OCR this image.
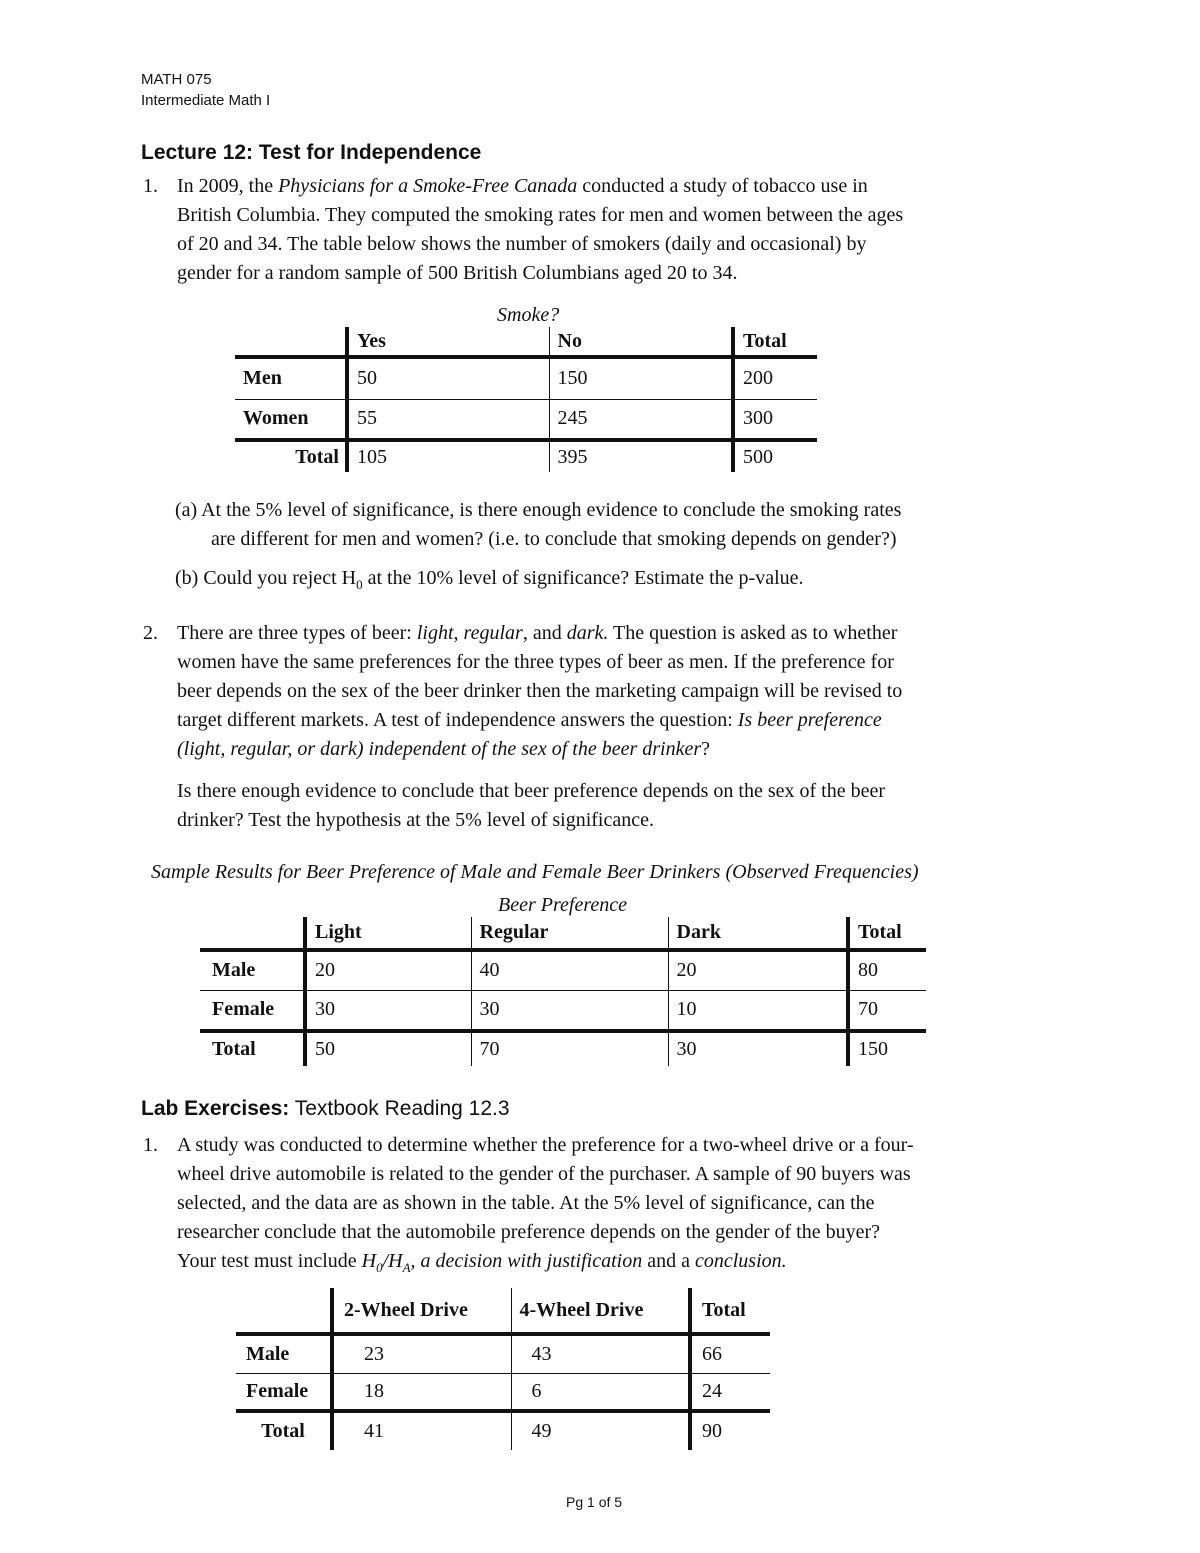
MATH 075
Intermediate Math I
Lecture 12: Test for Independence
1. In 2009, the Physicians for a Smoke-Free Canada conducted a study of tobacco use in
British Columbia. They computed the smoking rates for men and women between the ages
of 20 and 34. The table below shows the number of smokers (daily and occasional) by
gender for a random sample of 500 British Columbians aged 20 to 34.
Smoke?
	Yes	No	Total
Men	50	150	200
Women	55	245	300
Total	105	395	500
(a) At the 5% level of significance, is there enough evidence to conclude the smoking rates
are different for men and women? (i.e. to conclude that smoking depends on gender?)
(b) Could you reject $H_0$ at the 10% level of significance? Estimate the p-value.
2. There are three types of beer: light, regular, and dark. The question is asked as to whether
women have the same preferences for the three types of beer as men. If the preference for
beer depends on the sex of the beer drinker then the marketing campaign will be revised to
target different markets. A test of independence answers the question: Is beer preference
(light, regular, or dark) independent of the sex of the beer drinker?
Is there enough evidence to conclude that beer preference depends on the sex of the beer
drinker? Test the hypothesis at the 5% level of significance.
Sample Results for Beer Preference of Male and Female Beer Drinkers (Observed Frequencies)
Beer Preference
	Light	Regular	Dark	Total
Male	20	40	20	80
Female	30	30	10	70
Total	50	70	30	150
Lab Exercises: Textbook Reading 12.3
1. A study was conducted to determine whether the preference for a two-wheel drive or a four-
wheel drive automobile is related to the gender of the purchaser. A sample of 90 buyers was
selected, and the data are as shown in the table. At the 5% level of significance, can the
researcher conclude that the automobile preference depends on the gender of the buyer?
Your test must include $H_0/H_A$, a decision with justification and a conclusion.
	2-Wheel Drive	4-Wheel Drive	Total
Male	23	43	66
Female	18	6	24
Total	41	49	90
Pg 1 of 5
